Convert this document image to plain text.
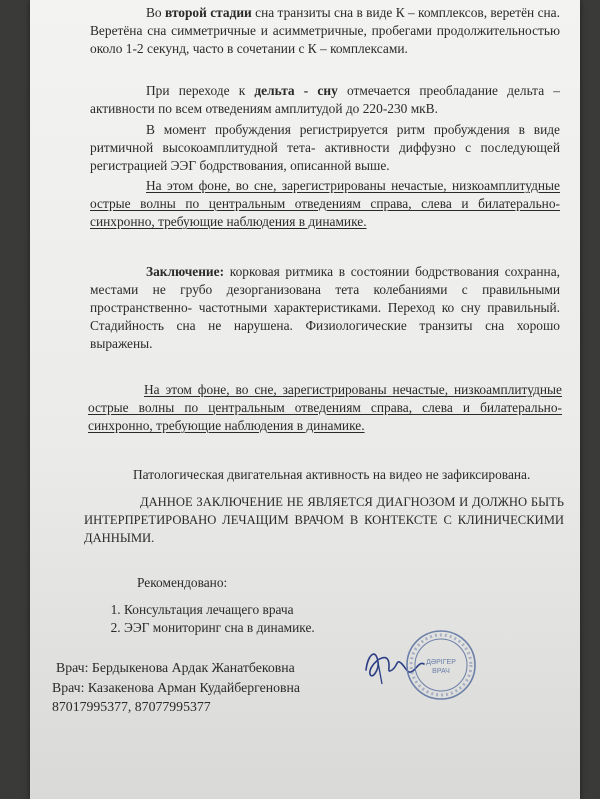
Во второй стадии сна транзиты сна в виде К – комплексов, веретён сна. Веретёна сна симметричные и асимметричные, пробегами продолжительностью около 1-2 секунд, часто в сочетании с К – комплексами.

При переходе к дельта - сну отмечается преобладание дельта – активности по всем отведениям амплитудой до 220-230 мкВ.

В момент пробуждения регистрируется ритм пробуждения в виде ритмичной высокоамплитудной тета- активности диффузно с последующей регистрацией ЭЭГ бодрствования, описанной выше.

На этом фоне, во сне, зарегистрированы нечастые, низкоамплитудные острые волны по центральным отведениям справа, слева и билатерально-синхронно, требующие наблюдения в динамике.

Заключение: корковая ритмика в состоянии бодрствования сохранна, местами не грубо дезорганизована тета колебаниями с правильными пространственно- частотными характеристиками. Переход ко сну правильный. Стадийность сна не нарушена. Физиологические транзиты сна хорошо выражены.

На этом фоне, во сне, зарегистрированы нечастые, низкоамплитудные острые волны по центральным отведениям справа, слева и билатерально-синхронно, требующие наблюдения в динамике.

Патологическая двигательная активность на видео не зафиксирована.

ДАННОЕ ЗАКЛЮЧЕНИЕ НЕ ЯВЛЯЕТСЯ ДИАГНОЗОМ И ДОЛЖНО БЫТЬ ИНТЕРПРЕТИРОВАНО ЛЕЧАЩИМ ВРАЧОМ В КОНТЕКСТЕ С КЛИНИЧЕСКИМИ ДАННЫМИ.

Рекомендовано:

1. Консультация лечащего врача
2. ЭЭГ мониторинг сна в динамике.
Врач: Бердыкенова Ардак Жанатбековна
Врач: Казакенова Арман Кудайбергеновна
87017995377, 87077995377
ДӘРІГЕР
ВРАЧ
